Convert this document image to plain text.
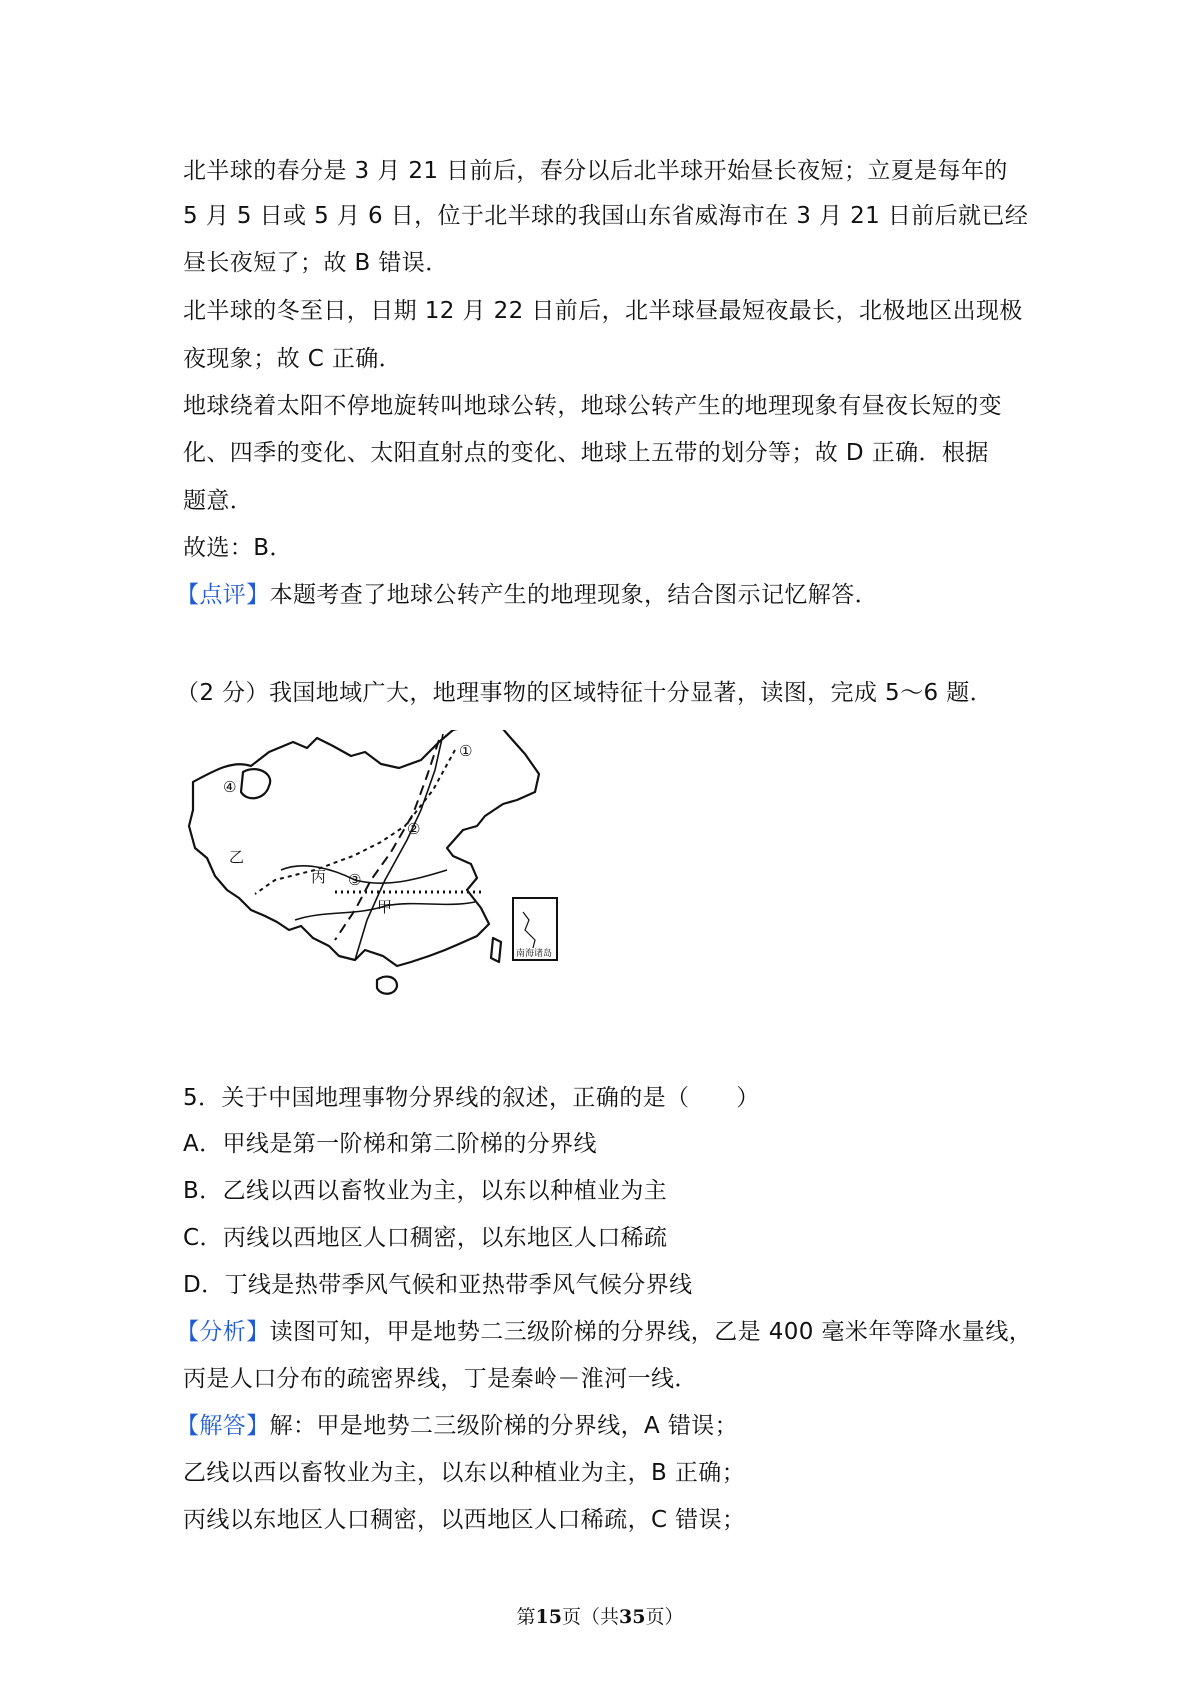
北半球的春分是 3 月 21 日前后，春分以后北半球开始昼长夜短；立夏是每年的
5 月 5 日或 5 月 6 日，位于北半球的我国山东省威海市在 3 月 21 日前后就已经
昼长夜短了；故 B 错误．
北半球的冬至日，日期 12 月 22 日前后，北半球昼最短夜最长，北极地区出现极
夜现象；故 C 正确．
地球绕着太阳不停地旋转叫地球公转，地球公转产生的地理现象有昼夜长短的变
化、四季的变化、太阳直射点的变化、地球上五带的划分等；故 D 正确．根据
题意．
故选：B．
【点评】本题考查了地球公转产生的地理现象，结合图示记忆解答．
（2 分）我国地域广大，地理事物的区域特征十分显著，读图，完成 5～6 题．
①
②
③
④
甲
乙
丙
南海诸岛
5．关于中国地理事物分界线的叙述，正确的是（　　）
A．甲线是第一阶梯和第二阶梯的分界线
B．乙线以西以畜牧业为主，以东以种植业为主
C．丙线以西地区人口稠密，以东地区人口稀疏
D．丁线是热带季风气候和亚热带季风气候分界线
【分析】读图可知，甲是地势二三级阶梯的分界线，乙是 400 毫米年等降水量线，
丙是人口分布的疏密界线，丁是秦岭－淮河一线．
【解答】解：甲是地势二三级阶梯的分界线，A 错误；
乙线以西以畜牧业为主，以东以种植业为主，B 正确；
丙线以东地区人口稠密，以西地区人口稀疏，C 错误；
第15页（共35页）
